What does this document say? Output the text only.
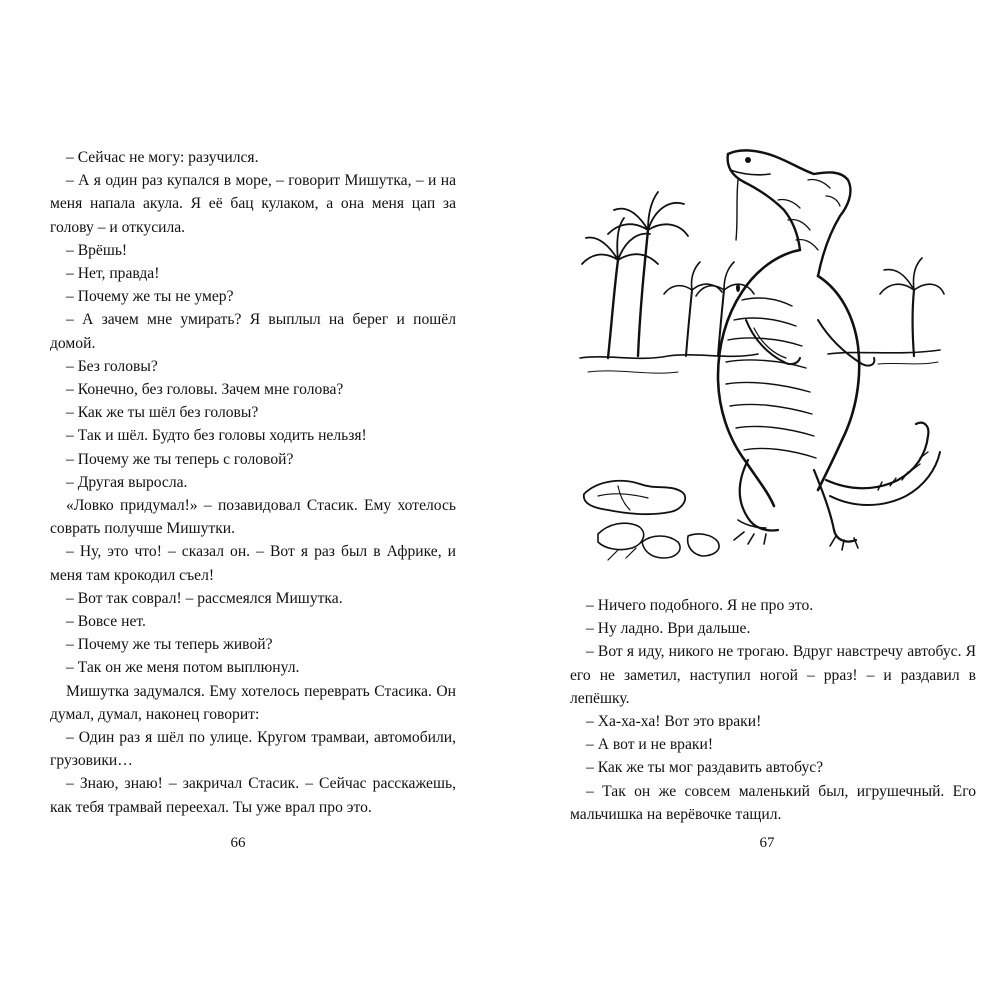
– Сейчас не могу: разучился.

– А я один раз купался в море, – говорит Мишутка, – и на меня напала акула. Я её бац кулаком, а она меня цап за голову – и откусила.

– Врёшь!

– Нет, правда!

– Почему же ты не умер?

– А зачем мне умирать? Я выплыл на берег и пошёл домой.

– Без головы?

– Конечно, без головы. Зачем мне голова?

– Как же ты шёл без головы?

– Так и шёл. Будто без головы ходить нельзя!

– Почему же ты теперь с головой?

– Другая выросла.

«Ловко придумал!» – позавидовал Стасик. Ему хотелось соврать получше Мишутки.

– Ну, это что! – сказал он. – Вот я раз был в Африке, и меня там крокодил съел!

– Вот так соврал! – рассмеялся Мишутка.

– Вовсе нет.

– Почему же ты теперь живой?

– Так он же меня потом выплюнул.

Мишутка задумался. Ему хотелось переврать Стасика. Он думал, думал, наконец говорит:

– Один раз я шёл по улице. Кругом трамваи, автомобили, грузовики…

– Знаю, знаю! – закричал Стасик. – Сейчас расскажешь, как тебя трамвай переехал. Ты уже врал про это.

66

– Ничего подобного. Я не про это.

– Ну ладно. Ври дальше.

– Вот я иду, никого не трогаю. Вдруг навстречу автобус. Я его не заметил, наступил ногой – рраз! – и раздавил в лепёшку.

– Ха-ха-ха! Вот это враки!

– А вот и не враки!

– Как же ты мог раздавить автобус?

– Так он же совсем маленький был, игрушечный. Его мальчишка на верёвочке тащил.

67
